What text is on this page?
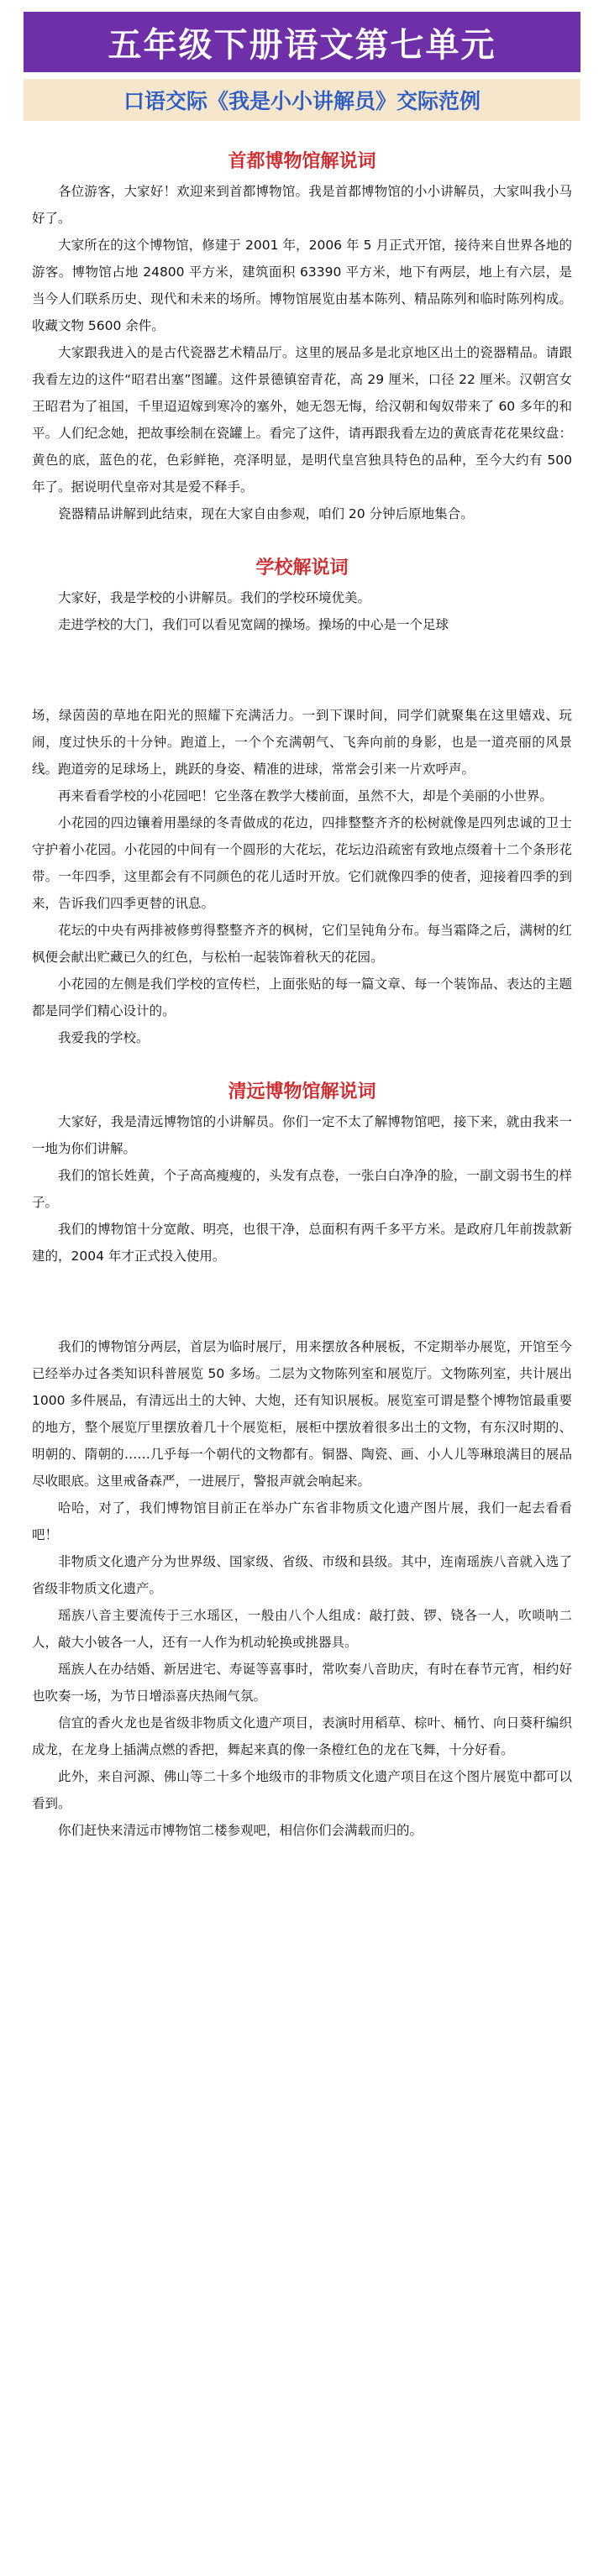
五年级下册语文第七单元
口语交际《我是小小讲解员》交际范例
首都博物馆解说词

各位游客，大家好！欢迎来到首都博物馆。我是首都博物馆的小小讲解员，大家叫我小马好了。

大家所在的这个博物馆，修建于 2001 年，2006 年 5 月正式开馆，接待来自世界各地的游客。博物馆占地 24800 平方米，建筑面积 63390 平方米，地下有两层，地上有六层，是当今人们联系历史、现代和未来的场所。博物馆展览由基本陈列、精品陈列和临时陈列构成。收藏文物 5600 余件。

大家跟我进入的是古代瓷器艺术精品厅。这里的展品多是北京地区出土的瓷器精品。请跟我看左边的这件“昭君出塞”图罐。这件景德镇窑青花，高 29 厘米，口径 22 厘米。汉朝宫女王昭君为了祖国，千里迢迢嫁到寒冷的塞外，她无怨无悔，给汉朝和匈奴带来了 60 多年的和平。人们纪念她，把故事绘制在瓷罐上。看完了这件，请再跟我看左边的黄底青花花果纹盘：黄色的底，蓝色的花，色彩鲜艳，亮泽明显，是明代皇宫独具特色的品种，至今大约有 500 年了。据说明代皇帝对其是爱不释手。

瓷器精品讲解到此结束，现在大家自由参观，咱们 20 分钟后原地集合。

学校解说词

大家好，我是学校的小讲解员。我们的学校环境优美。

走进学校的大门，我们可以看见宽阔的操场。操场的中心是一个足球

场，绿茵茵的草地在阳光的照耀下充满活力。一到下课时间，同学们就聚集在这里嬉戏、玩闹，度过快乐的十分钟。跑道上，一个个充满朝气、飞奔向前的身影，也是一道亮丽的风景线。跑道旁的足球场上，跳跃的身姿、精准的进球，常常会引来一片欢呼声。

再来看看学校的小花园吧！它坐落在教学大楼前面，虽然不大，却是个美丽的小世界。

小花园的四边镶着用墨绿的冬青做成的花边，四排整整齐齐的松树就像是四列忠诚的卫士守护着小花园。小花园的中间有一个圆形的大花坛，花坛边沿疏密有致地点缀着十二个条形花带。一年四季，这里都会有不同颜色的花儿适时开放。它们就像四季的使者，迎接着四季的到来，告诉我们四季更替的讯息。

花坛的中央有两排被修剪得整整齐齐的枫树，它们呈钝角分布。每当霜降之后，满树的红枫便会献出贮藏已久的红色，与松柏一起装饰着秋天的花园。

小花园的左侧是我们学校的宣传栏，上面张贴的每一篇文章、每一个装饰品、表达的主题都是同学们精心设计的。

我爱我的学校。

清远博物馆解说词

大家好，我是清远博物馆的小讲解员。你们一定不太了解博物馆吧，接下来，就由我来一一地为你们讲解。

我们的馆长姓黄，个子高高瘦瘦的，头发有点卷，一张白白净净的脸，一副文弱书生的样子。

我们的博物馆十分宽敞、明亮，也很干净，总面积有两千多平方米。是政府几年前拨款新建的，2004 年才正式投入使用。

我们的博物馆分两层，首层为临时展厅，用来摆放各种展板，不定期举办展览，开馆至今已经举办过各类知识科普展览 50 多场。二层为文物陈列室和展览厅。文物陈列室，共计展出 1000 多件展品，有清远出土的大钟、大炮，还有知识展板。展览室可谓是整个博物馆最重要的地方，整个展览厅里摆放着几十个展览柜，展柜中摆放着很多出土的文物，有东汉时期的、明朝的、隋朝的……几乎每一个朝代的文物都有。铜器、陶瓷、画、小人儿等琳琅满目的展品尽收眼底。这里戒备森严，一进展厅，警报声就会响起来。

哈哈，对了，我们博物馆目前正在举办广东省非物质文化遗产图片展，我们一起去看看吧！

非物质文化遗产分为世界级、国家级、省级、市级和县级。其中，连南瑶族八音就入选了省级非物质文化遗产。

瑶族八音主要流传于三水瑶区，一般由八个人组成：敲打鼓、锣、铙各一人，吹唢呐二人，敲大小铍各一人，还有一人作为机动轮换或挑器具。

瑶族人在办结婚、新居进宅、寿诞等喜事时，常吹奏八音助庆，有时在春节元宵，相约好也吹奏一场，为节日增添喜庆热闹气氛。

信宜的香火龙也是省级非物质文化遗产项目，表演时用稻草、棕叶、桶竹、向日葵秆编织成龙，在龙身上插满点燃的香把，舞起来真的像一条橙红色的龙在飞舞，十分好看。

此外，来自河源、佛山等二十多个地级市的非物质文化遗产项目在这个图片展览中都可以看到。

你们赶快来清远市博物馆二楼参观吧，相信你们会满载而归的。
